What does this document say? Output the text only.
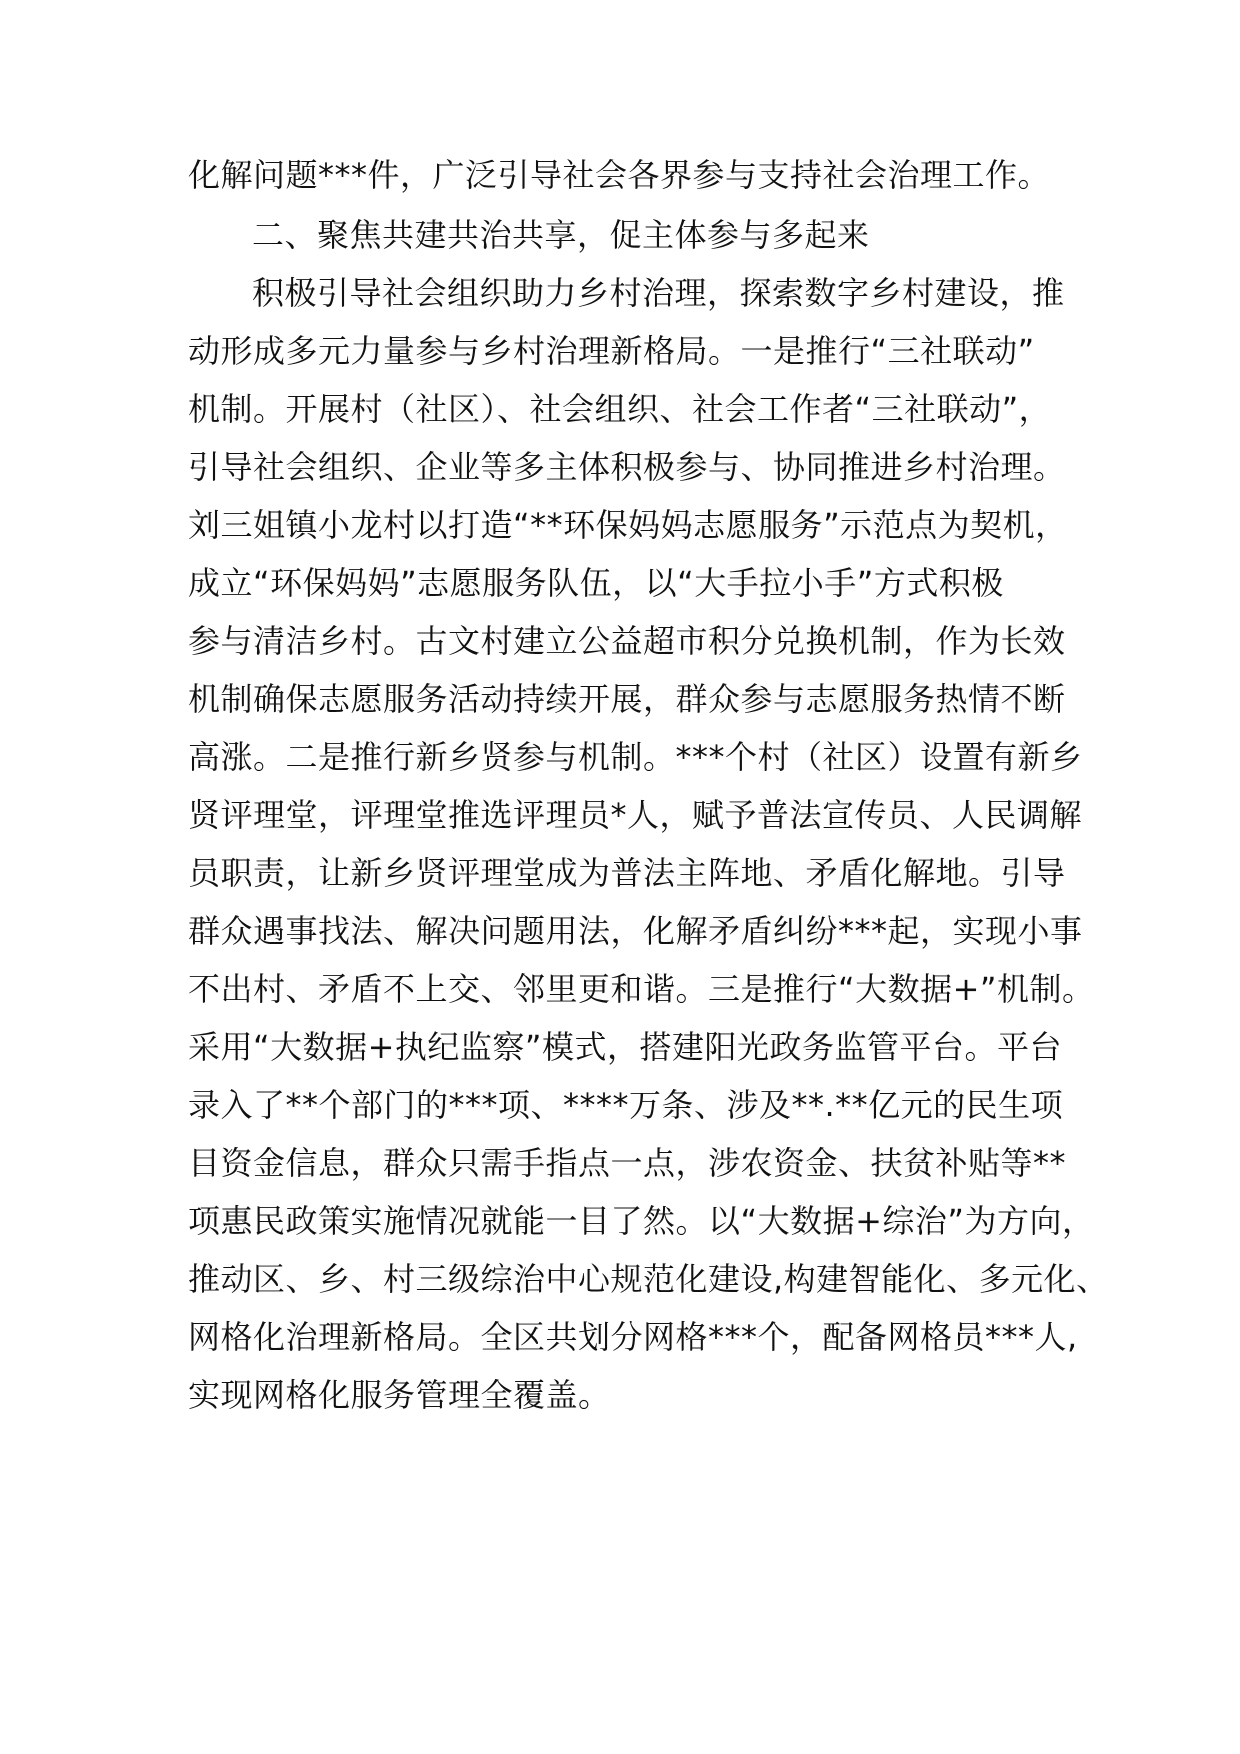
化解问题***件，广泛引导社会各界参与支持社会治理工作。
二、聚焦共建共治共享，促主体参与多起来
积极引导社会组织助力乡村治理，探索数字乡村建设，推
动形成多元力量参与乡村治理新格局。一是推行“三社联动”
机制。开展村（社区）、社会组织、社会工作者“三社联动”，
引导社会组织、企业等多主体积极参与、协同推进乡村治理。
刘三姐镇小龙村以打造“**环保妈妈志愿服务”示范点为契机，
成立“环保妈妈”志愿服务队伍，以“大手拉小手”方式积极
参与清洁乡村。古文村建立公益超市积分兑换机制，作为长效
机制确保志愿服务活动持续开展，群众参与志愿服务热情不断
高涨。二是推行新乡贤参与机制。***个村（社区）设置有新乡
贤评理堂，评理堂推选评理员*人，赋予普法宣传员、人民调解
员职责，让新乡贤评理堂成为普法主阵地、矛盾化解地。引导
群众遇事找法、解决问题用法，化解矛盾纠纷***起，实现小事
不出村、矛盾不上交、邻里更和谐。三是推行“大数据+”机制。
采用“大数据+执纪监察”模式，搭建阳光政务监管平台。平台
录入了**个部门的***项、****万条、涉及**.**亿元的民生项
目资金信息，群众只需手指点一点，涉农资金、扶贫补贴等**
项惠民政策实施情况就能一目了然。以“大数据+综治”为方向，
推动区、乡、村三级综治中心规范化建设,构建智能化、多元化、
网格化治理新格局。全区共划分网格***个，配备网格员***人,
实现网格化服务管理全覆盖。
